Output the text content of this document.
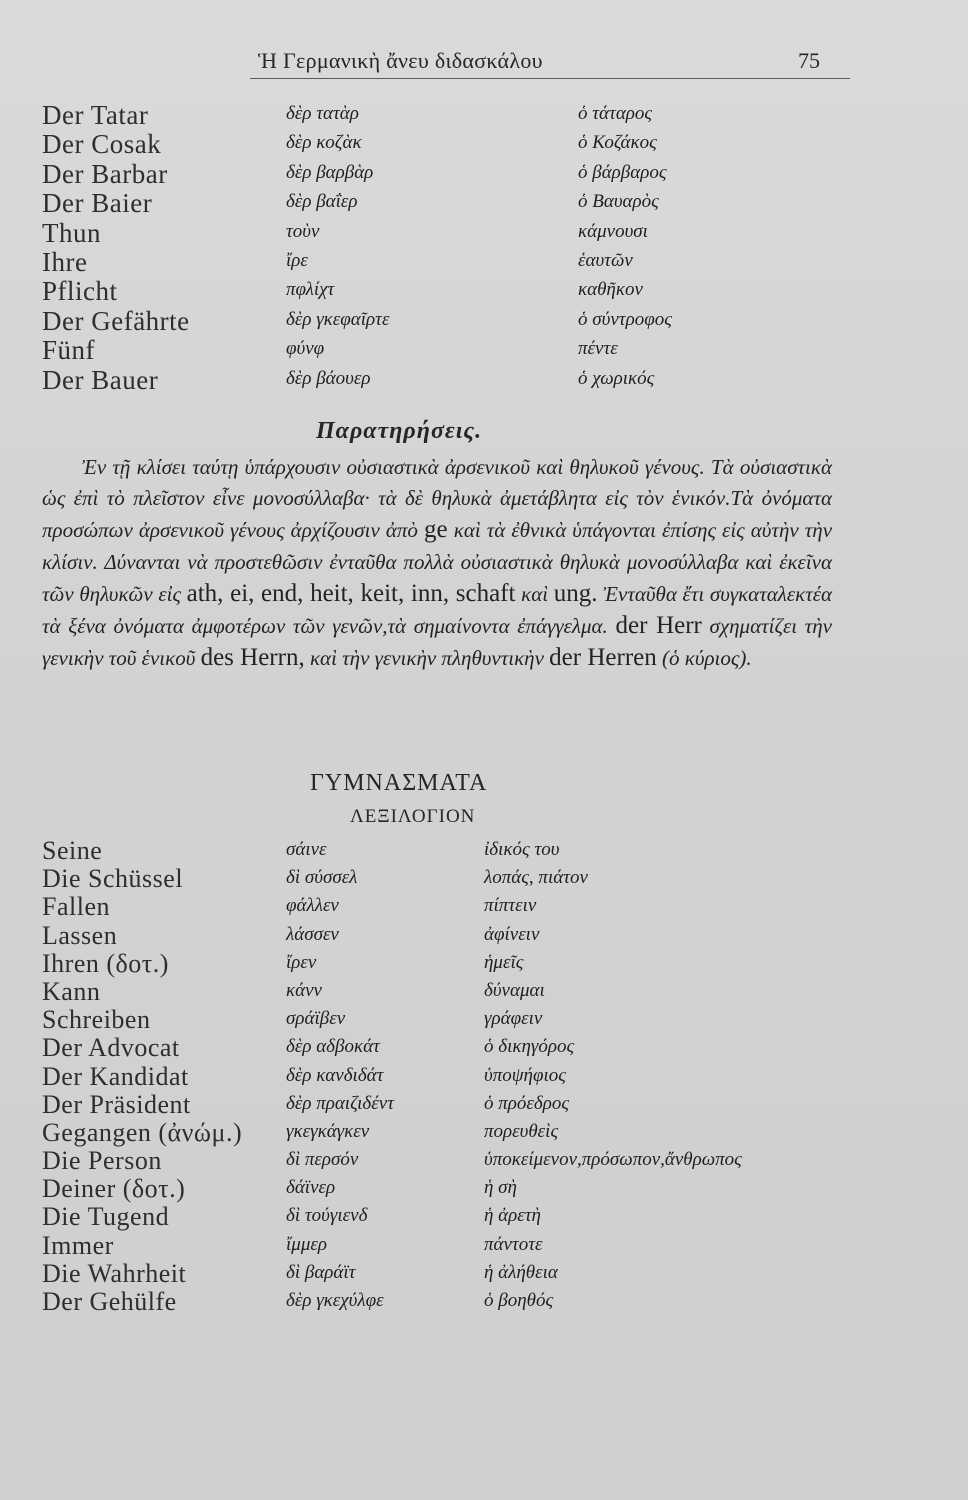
Ἡ Γερμανικὴ ἄνευ διδασκάλου	75
Der Tatar	δὲρ τατὰρ	ὁ τάταρος
Der Cosak	δὲρ κοζὰκ	ὁ Κοζάκος
Der Barbar	δὲρ βαρβὰρ	ὁ βάρβαρος
Der Baier	δὲρ βαΐερ	ὁ Βαυαρὸς
Thun	τοὺν	κάμνουσι
Ihre	ἴρε	ἑαυτῶν
Pflicht	πφλίχτ	καθῆκον
Der Gefährte	δὲρ γκεφαῖρτε	ὁ σύντροφος
Fünf	φύνφ	πέντε
Der Bauer	δὲρ βάουερ	ὁ χωρικός
Παρατηρήσεις.
Ἐν τῇ κλίσει ταύτῃ ὑπάρχουσιν οὐσιαστικὰ ἀρσενικοῦ καὶ θηλυκοῦ γένους. Τὰ οὐσιαστικὰ ὡς ἐπὶ τὸ πλεῖστον εἶνε μονοσύλλαβα· τὰ δὲ θηλυκὰ ἀμετάβλητα εἰς τὸν ἑνικόν.Τὰ ὀνόματα προσώπων ἀρσενικοῦ γένους ἀρχίζουσιν ἀπὸ ge καὶ τὰ ἐθνικὰ ὑπάγονται ἐπίσης εἰς αὐτὴν τὴν κλίσιν. Δύνανται νὰ προστεθῶσιν ἐνταῦθα πολλὰ οὐσιαστικὰ θηλυκὰ μονοσύλλαβα καὶ ἐκεῖνα τῶν θηλυκῶν εἰς ath, ei, end, heit, keit, inn, schaft καὶ ung. Ἐνταῦθα ἔτι συγκαταλεκτέα τὰ ξένα ὀνόματα ἀμφοτέρων τῶν γενῶν,τὰ σημαίνοντα ἐπάγγελμα. der Herr σχηματίζει τὴν γενικὴν τοῦ ἑνικοῦ des Herrn, καὶ τὴν γενικὴν πληθυντικὴν der Herren (ὁ κύριος).
ΓΥΜΝΑΣΜΑΤΑ
ΛΕΞΙΛΟΓΙΟΝ
Seine	σάινε	ἰδικός του
Die Schüssel	δὶ σύσσελ	λοπάς, πιάτον
Fallen	φάλλεν	πίπτειν
Lassen	λάσσεν	ἀφίνειν
Ihren (δοτ.)	ἴρεν	ἡμεῖς
Kann	κάνν	δύναμαι
Schreiben	σράϊβεν	γράφειν
Der Advocat	δὲρ αδβοκάτ	ὁ δικηγόρος
Der Kandidat	δὲρ κανδιδάτ	ὑποψήφιος
Der Präsident	δὲρ πραιζιδέντ	ὁ πρόεδρος
Gegangen (ἀνώμ.) γκεγκάγκεν	πορευθεὶς
Die Person	δὶ περσόν	ὑποκείμενον,πρόσωπον,ἄνθρωπος
Deiner (δοτ.)	δάϊνερ	ἡ σὴ
Die Tugend	δὶ τούγιενδ	ἡ ἀρετὴ
Immer	ἴμμερ	πάντοτε
Die Wahrheit	δὶ βαράϊτ	ἡ ἀλήθεια
Der Gehülfe	δὲρ γκεχύλφε	ὁ βοηθός
